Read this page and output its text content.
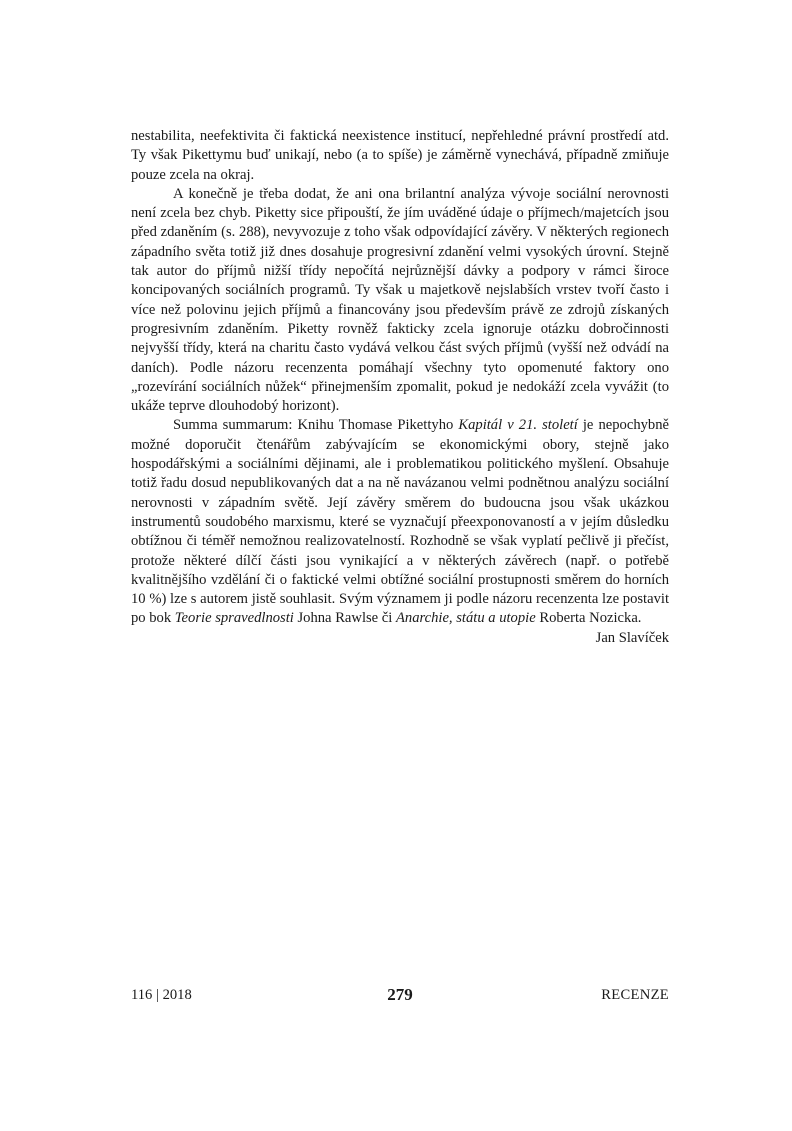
nestabilita, neefektivita či faktická neexistence institucí, nepřehledné právní prostředí atd. Ty však Pikettymu buď unikají, nebo (a to spíše) je záměrně vynechává, případně zmiňuje pouze zcela na okraj.

A konečně je třeba dodat, že ani ona brilantní analýza vývoje sociální nerovnosti není zcela bez chyb. Piketty sice připouští, že jím uváděné údaje o příjmech/majetcích jsou před zdaněním (s. 288), nevyvozuje z toho však odpovídající závěry. V některých regionech západního světa totiž již dnes dosahuje progresivní zdanění velmi vysokých úrovní. Stejně tak autor do příjmů nižší třídy nepočítá nejrůznější dávky a podpory v rámci široce koncipovaných sociálních programů. Ty však u majetkově nejslabších vrstev tvoří často i více než polovinu jejich příjmů a financovány jsou především právě ze zdrojů získaných progresivním zdaněním. Piketty rovněž fakticky zcela ignoruje otázku dobročinnosti nejvyšší třídy, která na charitu často vydává velkou část svých příjmů (vyšší než odvádí na daních). Podle názoru recenzenta pomáhají všechny tyto opomenuté faktory ono „rozevírání sociálních nůžek“ přinejmenším zpomalit, pokud je nedokáží zcela vyvážit (to ukáže teprve dlouhodobý horizont).

Summa summarum: Knihu Thomase Pikettyho Kapitál v 21. století je nepochybně možné doporučit čtenářům zabývajícím se ekonomickými obory, stejně jako hospodářskými a sociálními dějinami, ale i problematikou politického myšlení. Obsahuje totiž řadu dosud nepublikovaných dat a na ně navázanou velmi podnětnou analýzu sociální nerovnosti v západním světě. Její závěry směrem do budoucna jsou však ukázkou instrumentů soudobého marxismu, které se vyznačují přeexponovaností a v jejím důsledku obtížnou či téměř nemožnou realizovatelností. Rozhodně se však vyplatí pečlivě ji přečíst, protože některé dílčí části jsou vynikající a v některých závěrech (např. o potřebě kvalitnějšího vzdělání či o faktické velmi obtížné sociální prostupnosti směrem do horních 10 %) lze s autorem jistě souhlasit. Svým významem ji podle názoru recenzenta lze postavit po bok Teorie spravedlnosti Johna Rawlse či Anarchie, státu a utopie Roberta Nozicka.

Jan Slavíček

116 | 2018	279	RECENZE
